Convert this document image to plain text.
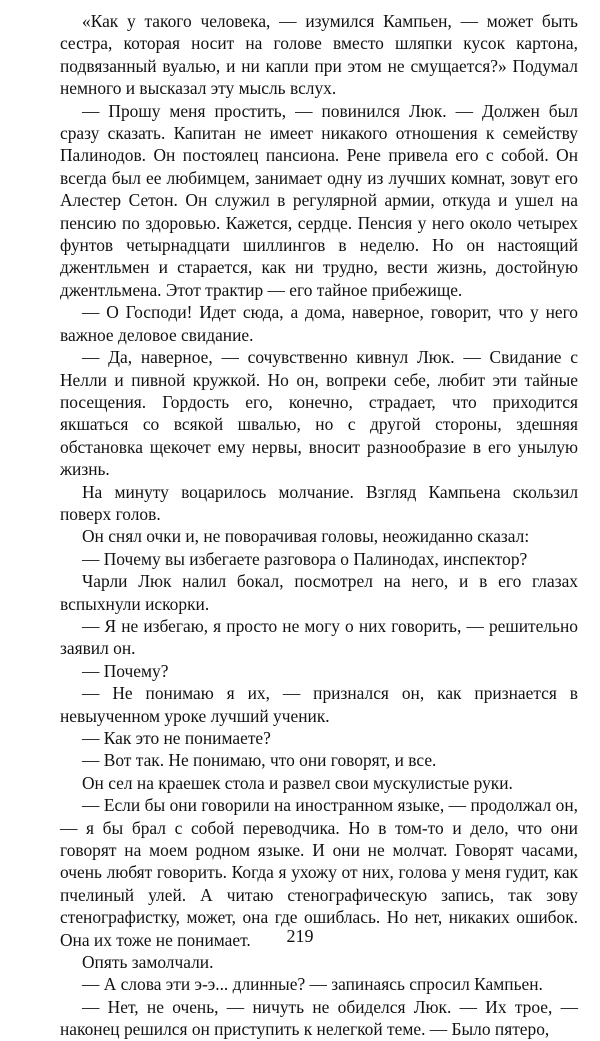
«Как у такого человека, — изумился Кампьен, — может быть сестра, которая носит на голове вместо шляпки кусок картона, подвязанный вуалью, и ни капли при этом не смущается?» Подумал немного и высказал эту мысль вслух.

— Прошу меня простить, — повинился Люк. — Должен был сразу сказать. Капитан не имеет никакого отношения к семейству Палинодов. Он постоялец пансиона. Рене привела его с собой. Он всегда был ее любимцем, занимает одну из лучших комнат, зовут его Алестер Сетон. Он служил в регулярной армии, откуда и ушел на пенсию по здоровью. Кажется, сердце. Пенсия у него около четырех фунтов четырнадцати шиллингов в неделю. Но он настоящий джентльмен и старается, как ни трудно, вести жизнь, достойную джентльмена. Этот трактир — его тайное прибежище.

— О Господи! Идет сюда, а дома, наверное, говорит, что у него важное деловое свидание.

— Да, наверное, — сочувственно кивнул Люк. — Свидание с Нелли и пивной кружкой. Но он, вопреки себе, любит эти тайные посещения. Гордость его, конечно, страдает, что приходится якшаться со всякой швалью, но с другой стороны, здешняя обстановка щекочет ему нервы, вносит разнообразие в его унылую жизнь.

На минуту воцарилось молчание. Взгляд Кампьена скользил поверх голов.

Он снял очки и, не поворачивая головы, неожиданно сказал:

— Почему вы избегаете разговора о Палинодах, инспектор?

Чарли Люк налил бокал, посмотрел на него, и в его глазах вспыхнули искорки.

— Я не избегаю, я просто не могу о них говорить, — решительно заявил он.

— Почему?

— Не понимаю я их, — признался он, как признается в невыученном уроке лучший ученик.

— Как это не понимаете?

— Вот так. Не понимаю, что они говорят, и все.

Он сел на краешек стола и развел свои мускулистые руки.

— Если бы они говорили на иностранном языке, — продолжал он, — я бы брал с собой переводчика. Но в том-то и дело, что они говорят на моем родном языке. И они не молчат. Говорят часами, очень любят говорить. Когда я ухожу от них, голова у меня гудит, как пчелиный улей. А читаю стенографическую запись, так зову стенографистку, может, она где ошиблась. Но нет, никаких ошибок. Она их тоже не понимает.

Опять замолчали.

— А слова эти э-э... длинные? — запинаясь спросил Кампьен.

— Нет, не очень, — ничуть не обиделся Люк. — Их трое, — наконец решился он приступить к нелегкой теме. — Было пятеро,

219
